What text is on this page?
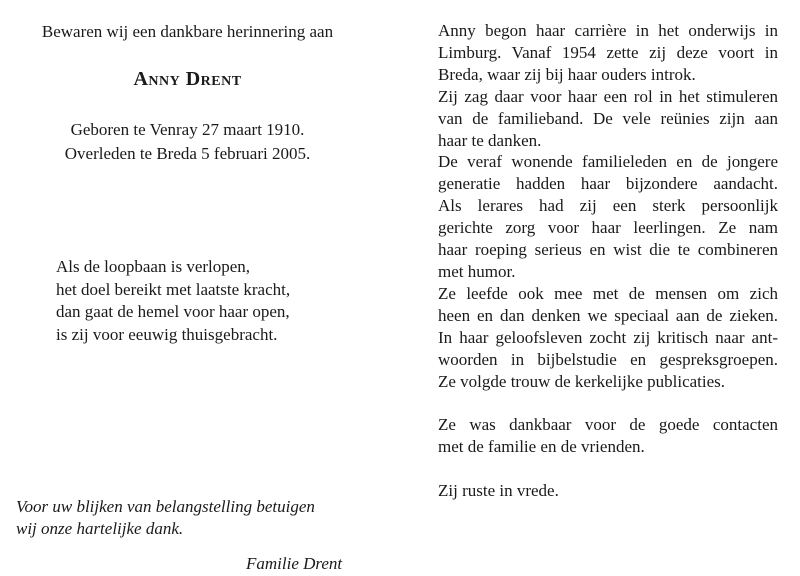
Bewaren wij een dankbare herinnering aan
Anny Drent
Geboren te Venray 27 maart 1910.
Overleden te Breda 5 februari 2005.
Als de loopbaan is verlopen,
het doel bereikt met laatste kracht,
dan gaat de hemel voor haar open,
is zij voor eeuwig thuisgebracht.
Voor uw blijken van belangstelling betuigen
wij onze hartelijke dank.
Familie Drent
Anny begon haar carrière in het onderwijs in
Limburg. Vanaf 1954 zette zij deze voort in
Breda, waar zij bij haar ouders introk.
Zij zag daar voor haar een rol in het stimuleren
van de familieband. De vele reünies zijn aan
haar te danken.
De veraf wonende familieleden en de jongere
generatie hadden haar bijzondere aandacht.
Als lerares had zij een sterk persoonlijk
gerichte zorg voor haar leerlingen. Ze nam
haar roeping serieus en wist die te combineren
met humor.
Ze leefde ook mee met de mensen om zich
heen en dan denken we speciaal aan de zieken.
In haar geloofsleven zocht zij kritisch naar ant-
woorden in bijbelstudie en gespreksgroepen.
Ze volgde trouw de kerkelijke publicaties.
Ze was dankbaar voor de goede contacten
met de familie en de vrienden.
Zij ruste in vrede.
